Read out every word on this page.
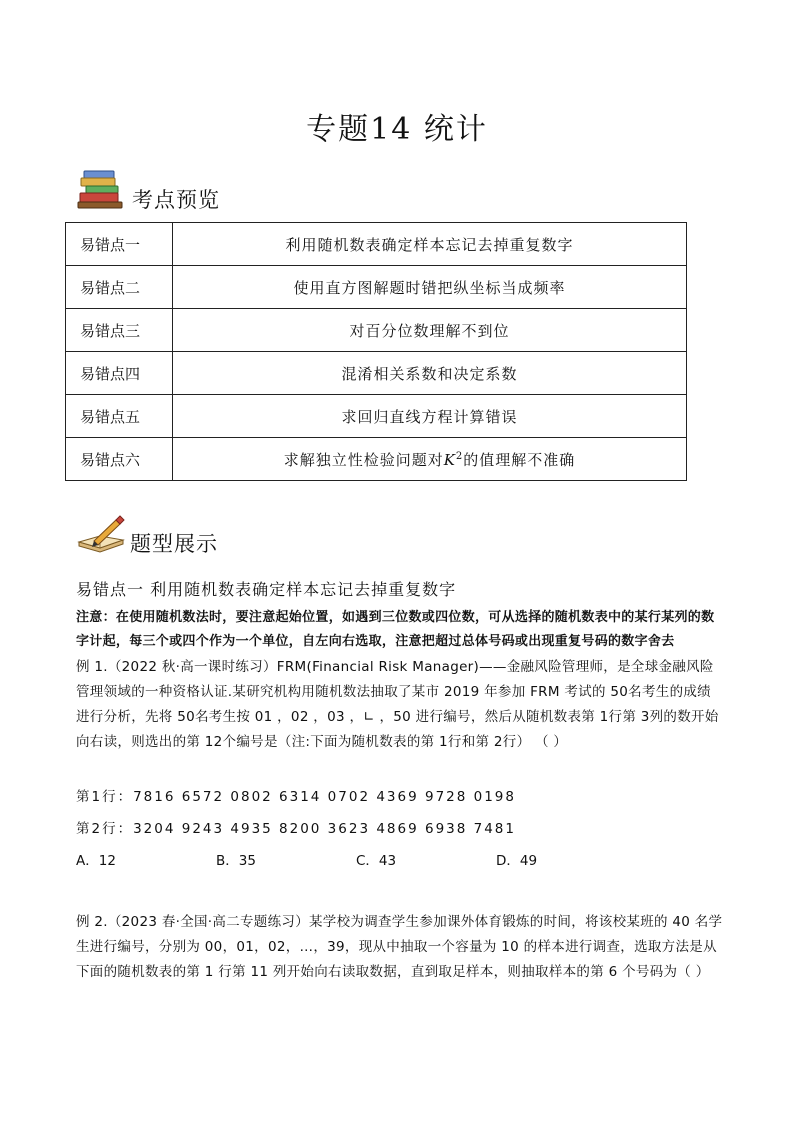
专题14 统计
考点预览
易错点一	利用随机数表确定样本忘记去掉重复数字
易错点二	使用直方图解题时错把纵坐标当成频率
易错点三	对百分位数理解不到位
易错点四	混淆相关系数和决定系数
易错点五	求回归直线方程计算错误
易错点六	求解独立性检验问题对$K^2$的值理解不准确
题型展示
易错点一 利用随机数表确定样本忘记去掉重复数字
注意：在使用随机数法时，要注意起始位置，如遇到三位数或四位数，可从选择的随机数表中的某行某列的数字计起，每三个或四个作为一个单位，自左向右选取，注意把超过总体号码或出现重复号码的数字舍去
例 1.（2022 秋·高一课时练习）FRM(Financial Risk Manager)——金融风险管理师，是全球金融风险管理领域的一种资格认证.某研究机构用随机数法抽取了某市 2019 年参加 FRM 考试的 50名考生的成绩进行分析，先将 50名考生按 01 ，02 ，03 ，∟ ，50 进行编号，然后从随机数表第 1行第 3列的数开始向右读，则选出的第 12个编号是（注:下面为随机数表的第 1行和第 2行） （ ）
第1行：7816 6572 0802 6314 0702 4369 9728 0198
第2行：3204 9243 4935 8200 3623 4869 6938 7481
A．12	B．35	C．43	D．49
例 2.（2023 春·全国·高二专题练习）某学校为调查学生参加课外体育锻炼的时间，将该校某班的 40 名学生进行编号，分别为 00，01，02，…，39，现从中抽取一个容量为 10 的样本进行调查，选取方法是从下面的随机数表的第 1 行第 11 列开始向右读取数据，直到取足样本，则抽取样本的第 6 个号码为（ ）
